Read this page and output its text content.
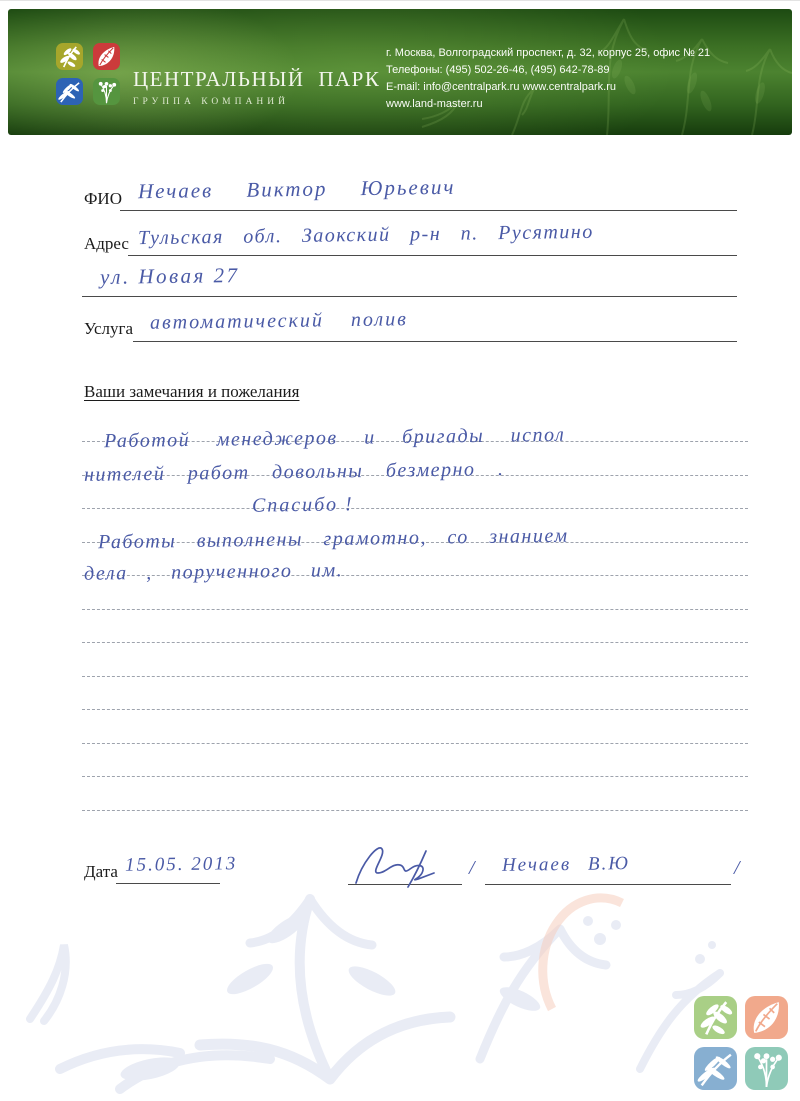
ЦЕНТРАЛЬНЫЙ ПАРК
ГРУППА КОМПАНИЙ
г. Москва, Волгоградский проспект, д. 32, корпус 25, офис № 21
Телефоны: (495) 502-26-46, (495) 642-78-89
E-mail: info@centralpark.ru www.centralpark.ru
www.land-master.ru
ФИО Нечаев Виктор Юрьевич
Адрес Тульская обл. Заокский р-н п. Русятино
ул. Новая 27
Услуга автоматический полив
Ваши замечания и пожелания
Работой менеджеров и бригады испол
нителей работ довольны безмерно .
Спасибо !
Работы выполнены грамотно, со знанием
дела , порученного им.
Дата 15.05. 2013	/ Нечаев В.Ю	/
